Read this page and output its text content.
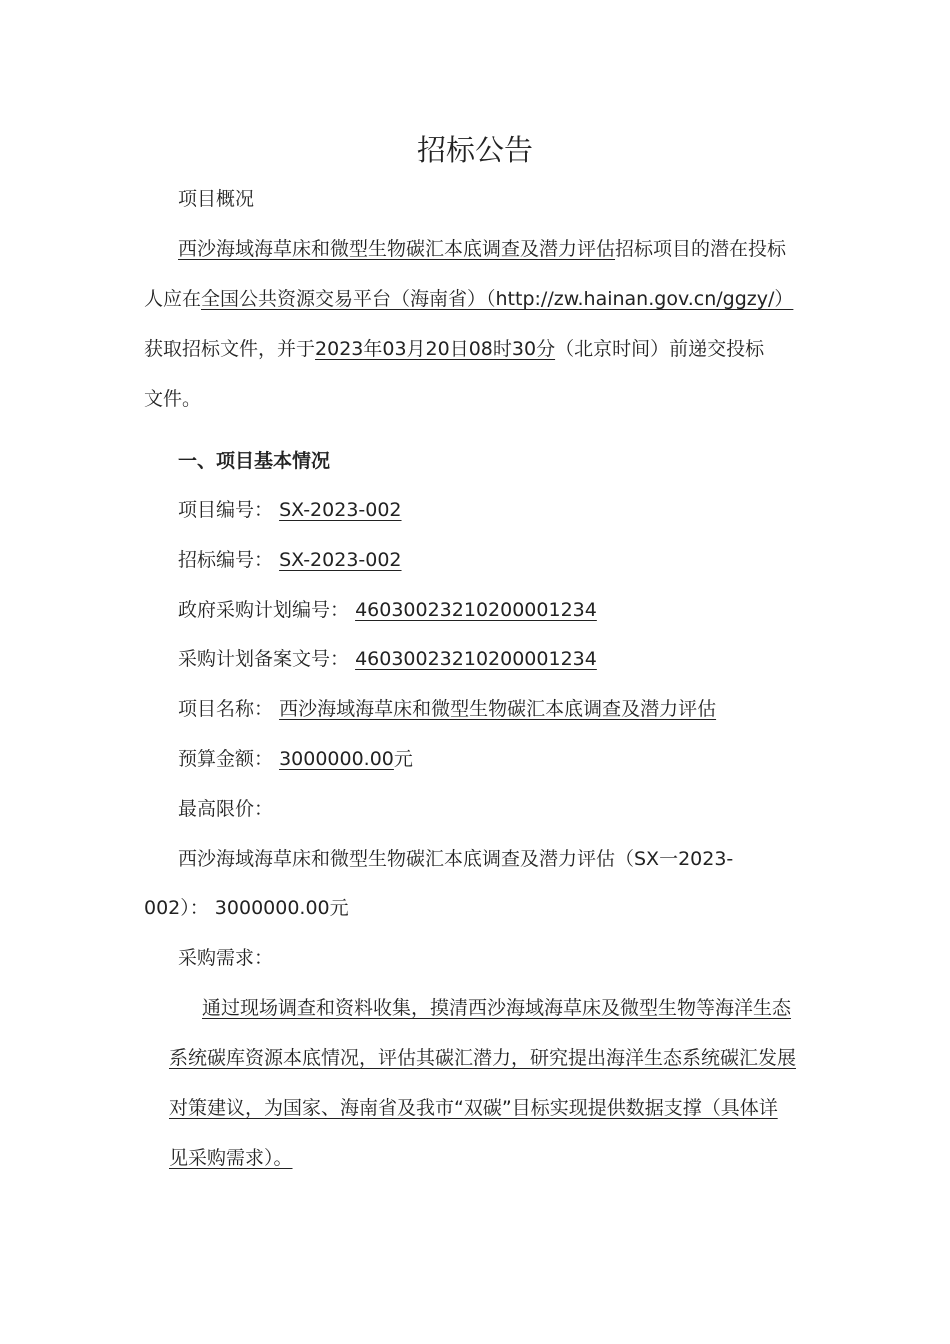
招标公告
项目概况
西沙海域海草床和微型生物碳汇本底调查及潜力评估招标项目的潜在投标
人应在全国公共资源交易平台（海南省）（http://zw.hainan.gov.cn/ggzy/）
获取招标文件，并于2023年03月20日08时30分（北京时间）前递交投标
文件。
一、项目基本情况
项目编号： SX-2023-002
招标编号： SX-2023-002
政府采购计划编号： 46030023210200001234
采购计划备案文号： 46030023210200001234
项目名称： 西沙海域海草床和微型生物碳汇本底调查及潜力评估
预算金额： 3000000.00元
最高限价：
西沙海域海草床和微型生物碳汇本底调查及潜力评估（SX一2023-
002）： 3000000.00元
采购需求：
通过现场调查和资料收集，摸清西沙海域海草床及微型生物等海洋生态
系统碳库资源本底情况，评估其碳汇潜力，研究提出海洋生态系统碳汇发展
对策建议，为国家、海南省及我市“双碳”目标实现提供数据支撑（具体详
见采购需求）。
